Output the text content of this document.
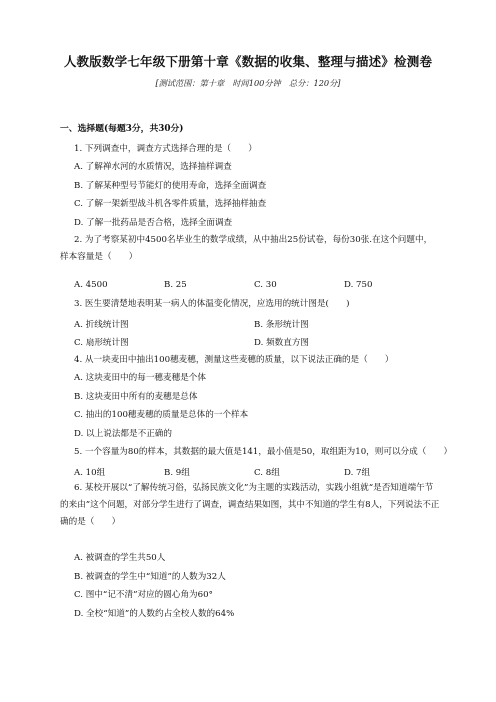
人教版数学七年级下册第十章《数据的收集、整理与描述》检测卷
[测试范围：第十章　时间100分钟　总分：120分]
一、选择题(每题3分，共30分)
1. 下列调查中，调查方式选择合理的是（　　）
A. 了解禅水河的水质情况，选择抽样调查
B. 了解某种型号节能灯的使用寿命，选择全面调查
C. 了解一架新型战斗机各零件质量，选择抽样抽查
D. 了解一批药品是否合格，选择全面调查
2. 为了考察某初中4500名毕业生的数学成绩，从中抽出25份试卷，每份30张.在这个问题中，样本容量是（　　）
A. 4500	B. 25	C. 30	D. 750
3. 医生要清楚地表明某一病人的体温变化情况，应选用的统计图是(　　)
A. 折线统计图	B. 条形统计图
C. 扇形统计图	D. 频数直方图
4. 从一块麦田中抽出100穗麦穗，测量这些麦穗的质量，以下说法正确的是（　　）
A. 这块麦田中的每一穗麦穗是个体
B. 这块麦田中所有的麦穗是总体
C. 抽出的100穗麦穗的质量是总体的一个样本
D. 以上说法都是不正确的
5. 一个容量为80的样本，其数据的最大值是141，最小值是50，取组距为10，则可以分成（　　）
A. 10组	B. 9组	C. 8组	D. 7组
6. 某校开展以“了解传统习俗，弘扬民族文化”为主题的实践活动，实践小组就“是否知道端午节的来由”这个问题，对部分学生进行了调查，调查结果如图，其中不知道的学生有8人，下列说法不正确的是（　　）
A. 被调查的学生共50人
B. 被调查的学生中“知道”的人数为32人
C. 图中“记不清”对应的圆心角为60°
D. 全校“知道”的人数约占全校人数的64%
